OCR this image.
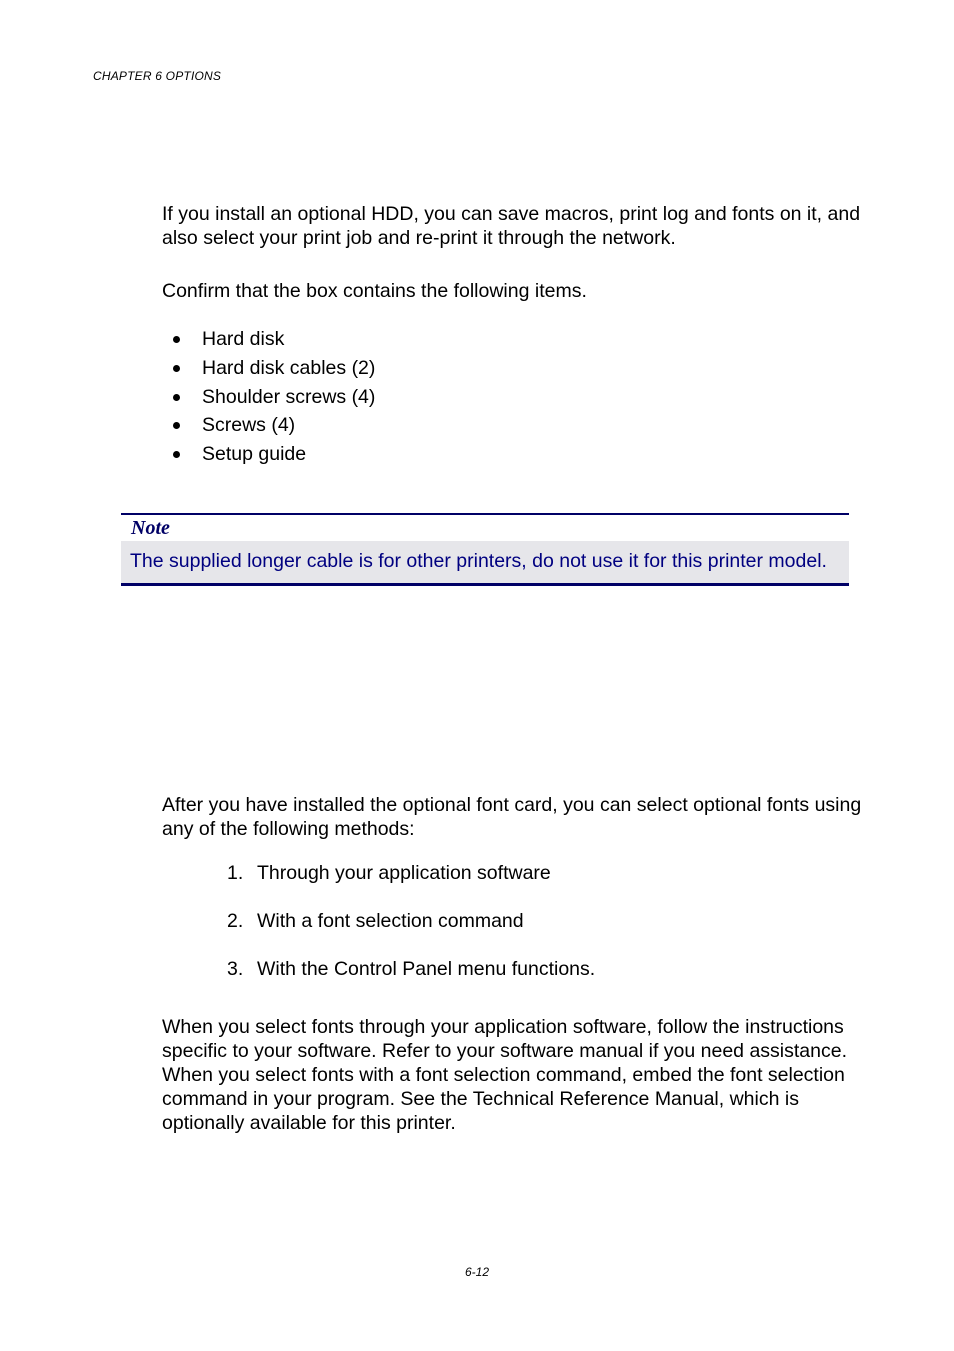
CHAPTER 6 OPTIONS

If you install an optional HDD, you can save macros, print log and fonts on it, and also select your print job and re-print it through the network.

Confirm that the box contains the following items.

Hard disk
Hard disk cables (2)
Shoulder screws (4)
Screws (4)
Setup guide
Note
The supplied longer cable is for other printers, do not use it for this printer model.

After you have installed the optional font card, you can select optional fonts using any of the following methods:

1. Through your application software
2. With a font selection command
3. With the Control Panel menu functions.

When you select fonts through your application software, follow the instructions specific to your software. Refer to your software manual if you need assistance. When you select fonts with a font selection command, embed the font selection command in your program. See the Technical Reference Manual, which is optionally available for this printer.

6-12
